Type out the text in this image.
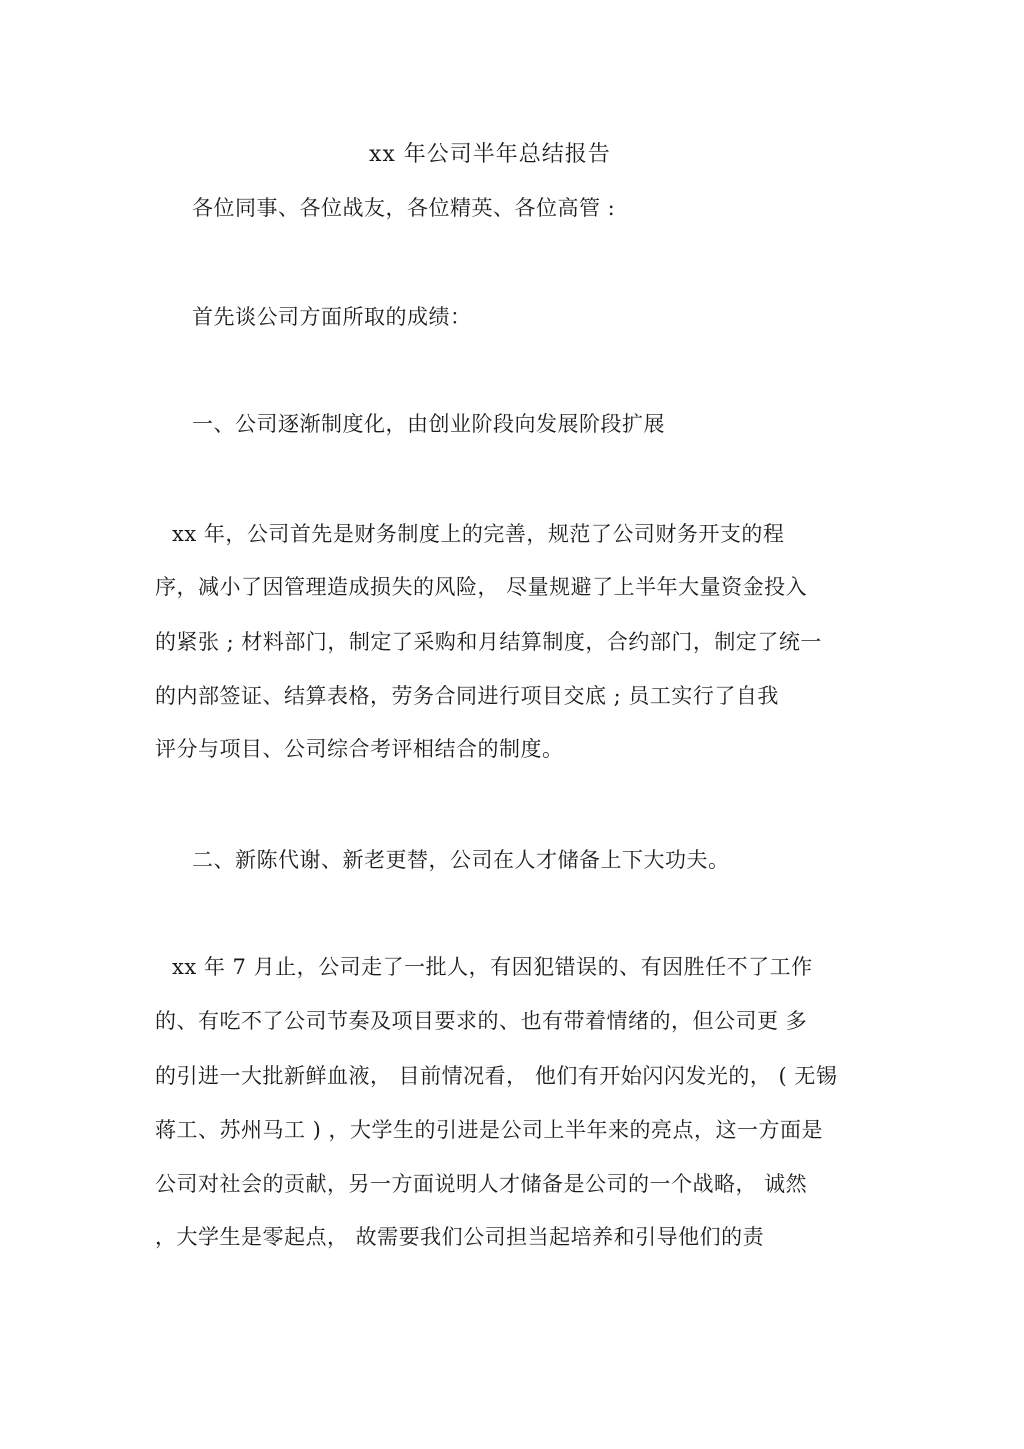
xx 年公司半年总结报告
各位同事、各位战友，各位精英、各位高管 :
首先谈公司方面所取的成绩：
一、公司逐渐制度化，由创业阶段向发展阶段扩展
xx 年，公司首先是财务制度上的完善，规范了公司财务开支的程
序，减小了因管理造成损失的风险， 尽量规避了上半年大量资金投入
的紧张 ; 材料部门，制定了采购和月结算制度，合约部门，制定了统一
的内部签证、结算表格，劳务合同进行项目交底 ; 员工实行了自我
评分与项目、公司综合考评相结合的制度。
二、新陈代谢、新老更替，公司在人才储备上下大功夫。
xx 年 7 月止，公司走了一批人，有因犯错误的、有因胜任不了工作
的、有吃不了公司节奏及项目要求的、也有带着情绪的，但公司更 多
的引进一大批新鲜血液， 目前情况看， 他们有开始闪闪发光的， ( 无锡
蒋工、苏州马工 ) ，大学生的引进是公司上半年来的亮点，这一方面是
公司对社会的贡献，另一方面说明人才储备是公司的一个战略， 诚然
，大学生是零起点， 故需要我们公司担当起培养和引导他们的责
